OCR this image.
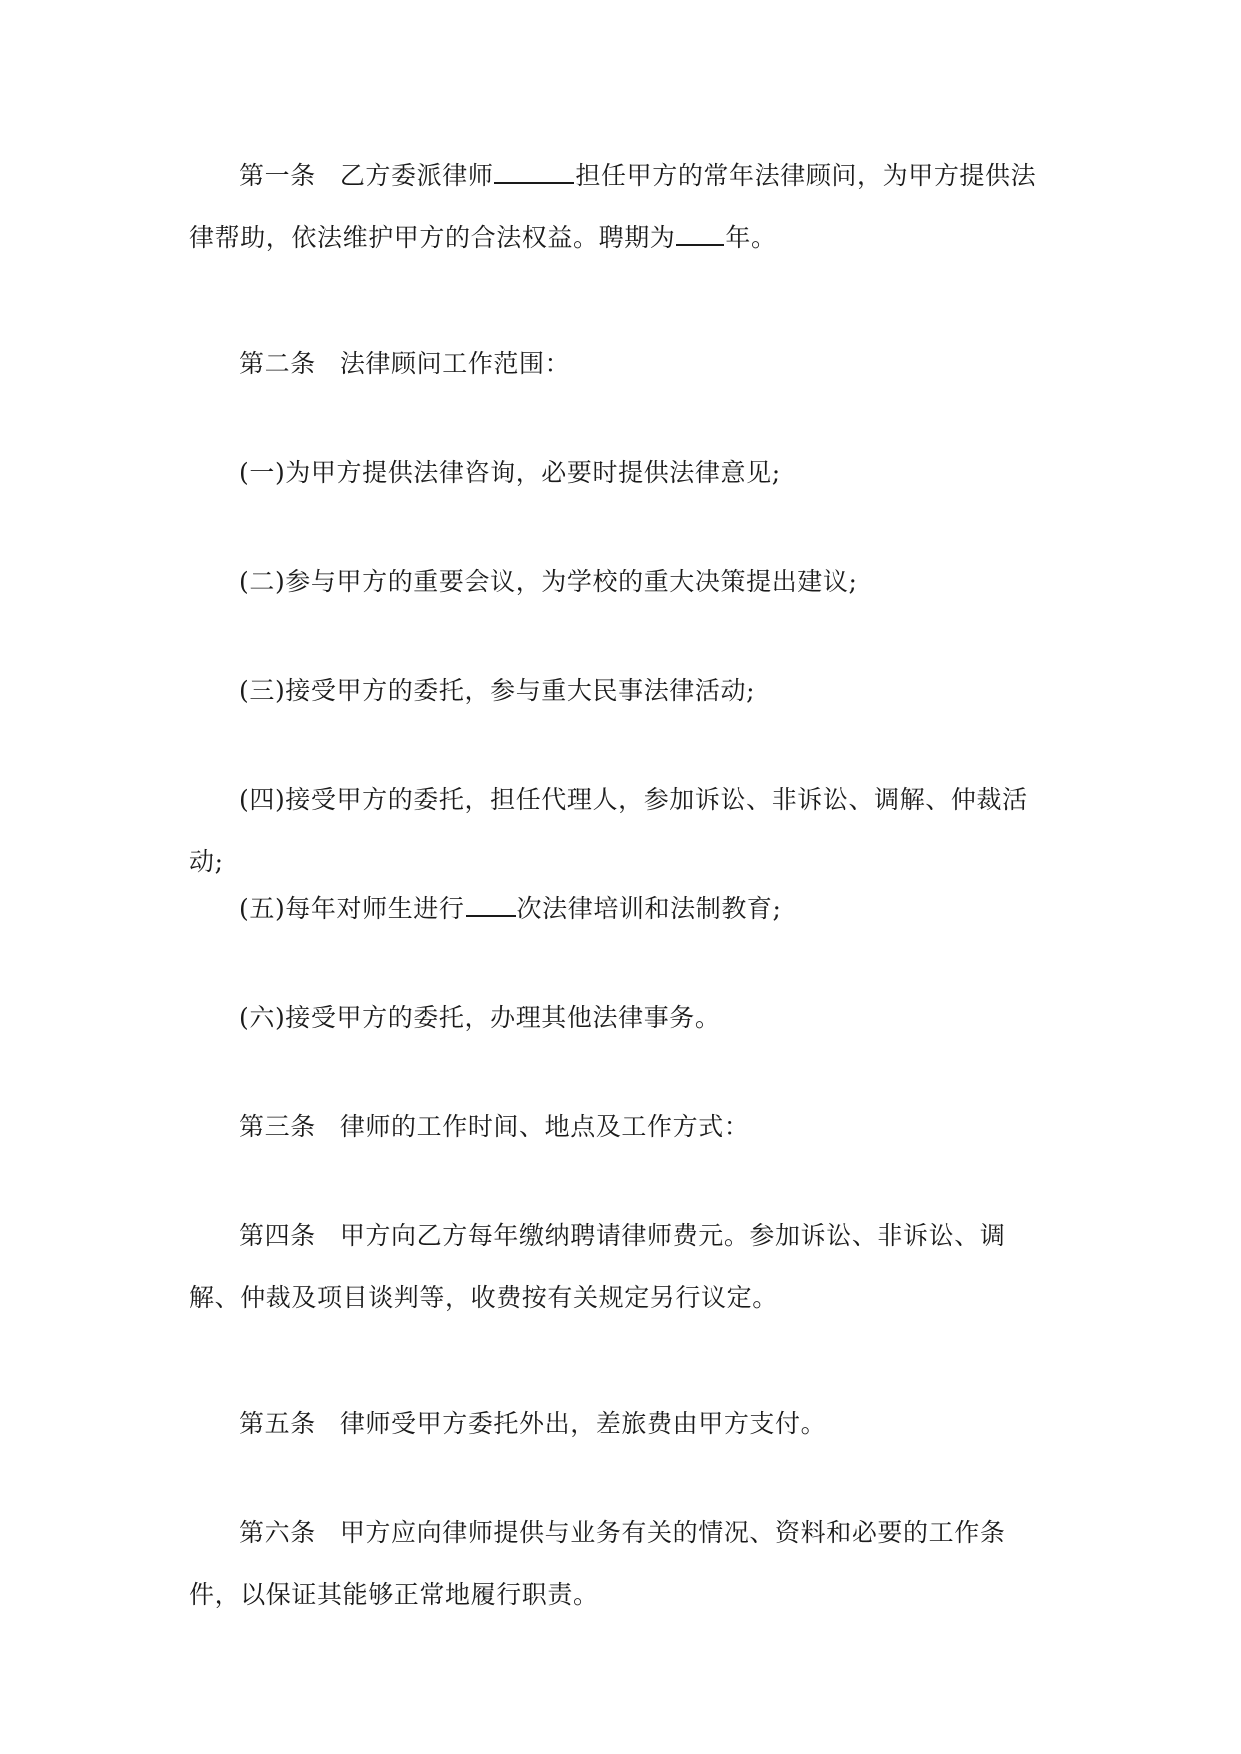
第一条 乙方委派律师	担任甲方的常年法律顾问，为甲方提供法律帮助，依法维护甲方的合法权益。聘期为 年。

第二条 法律顾问工作范围：

(一)为甲方提供法律咨询，必要时提供法律意见;

(二)参与甲方的重要会议，为学校的重大决策提出建议;

(三)接受甲方的委托，参与重大民事法律活动;

(四)接受甲方的委托，担任代理人，参加诉讼、非诉讼、调解、仲裁活动;

(五)每年对师生进行 次法律培训和法制教育;

(六)接受甲方的委托，办理其他法律事务。

第三条 律师的工作时间、地点及工作方式：

第四条 甲方向乙方每年缴纳聘请律师费元。参加诉讼、非诉讼、调解、仲裁及项目谈判等，收费按有关规定另行议定。

第五条 律师受甲方委托外出，差旅费由甲方支付。

第六条 甲方应向律师提供与业务有关的情况、资料和必要的工作条件，以保证其能够正常地履行职责。
